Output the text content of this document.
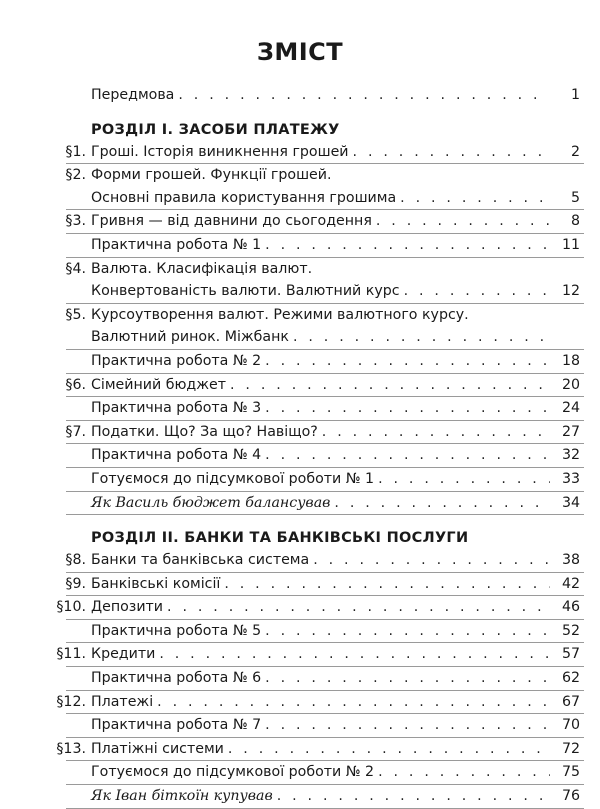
ЗМІСТ
Передмова . . .	1
РОЗДІЛ I. ЗАСОБИ ПЛАТЕЖУ
§1. Гроші. Історія виникнення грошей . . .	2
§2. Форми грошей. Функції грошей.
Основні правила користування грошима . . .	5
§3. Гривня — від давнини до сьогодення . . .	8
Практична робота № 1 . . .	11
§4. Валюта. Класифікація валют.
Конвертованість валюти. Валютний курс . . .	12
§5. Курсоутворення валют. Режими валютного курсу.
Валютний ринок. Міжбанк
. . .
Практична робота № 2 . . .	18
§6. Сімейний бюджет . . .	20
Практична робота № 3 . . .	24
§7. Податки. Що? За що? Навіщо? . . .	27
Практична робота № 4 . . .	32
Готуємося до підсумкової роботи № 1 . . .	33
Як Василь бюджет балансував . . .	34
РОЗДІЛ II. БАНКИ ТА БАНКІВСЬКІ ПОСЛУГИ
§8. Банки та банківська система . . .	38
§9. Банківські комісії . . .	42
§10. Депозити . . .	46
Практична робота № 5 . . .	52
§11. Кредити . . .	57
Практична робота № 6 . . .	62
§12. Платежі . . .	67
Практична робота № 7 . . .	70
§13. Платіжні системи . . .	72
Готуємося до підсумкової роботи № 2 . . .	75
Як Іван біткоїн купував . . .	76
